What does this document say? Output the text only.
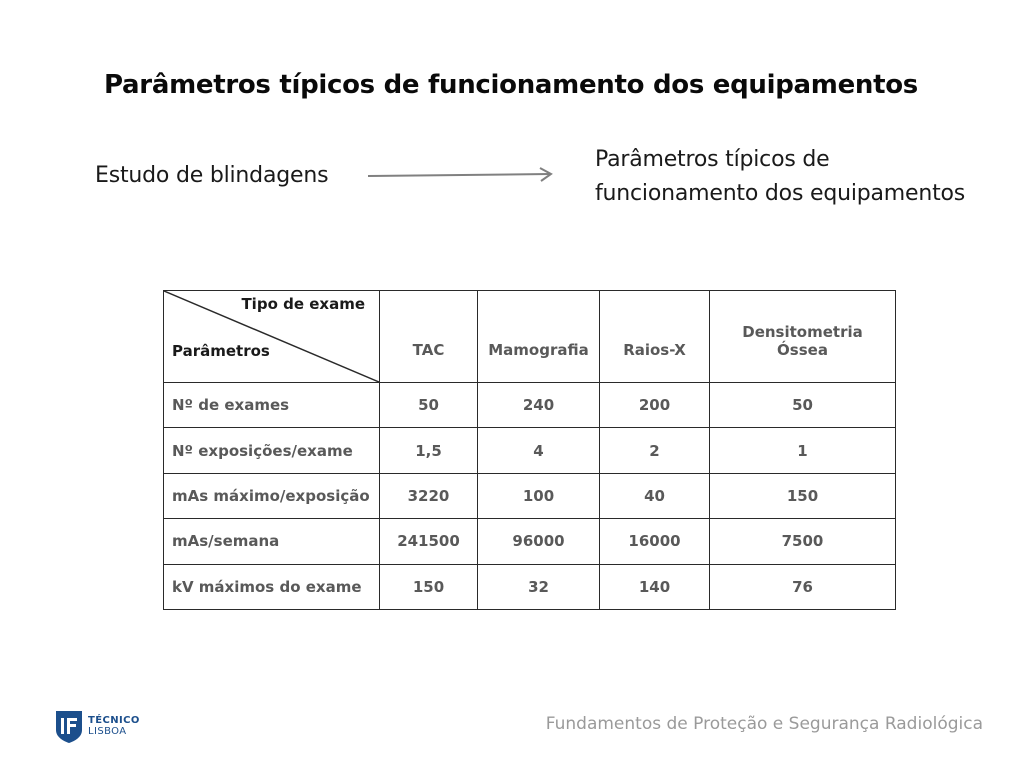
Parâmetros típicos de funcionamento dos equipamentos
Estudo de blindagens
Parâmetros típicos de
funcionamento dos equipamentos
Tipo de exame
Parâmetros	TAC	Mamografia	Raios-X	Densitometria Óssea
Nº de exames	50	240	200	50
Nº exposições/exame	1,5	4	2	1
mAs máximo/exposição	3220	100	40	150
mAs/semana	241500	96000	16000	7500
kV máximos do exame	150	32	140	76
TÉCNICO
LISBOA	Fundamentos de Proteção e Segurança Radiológica
